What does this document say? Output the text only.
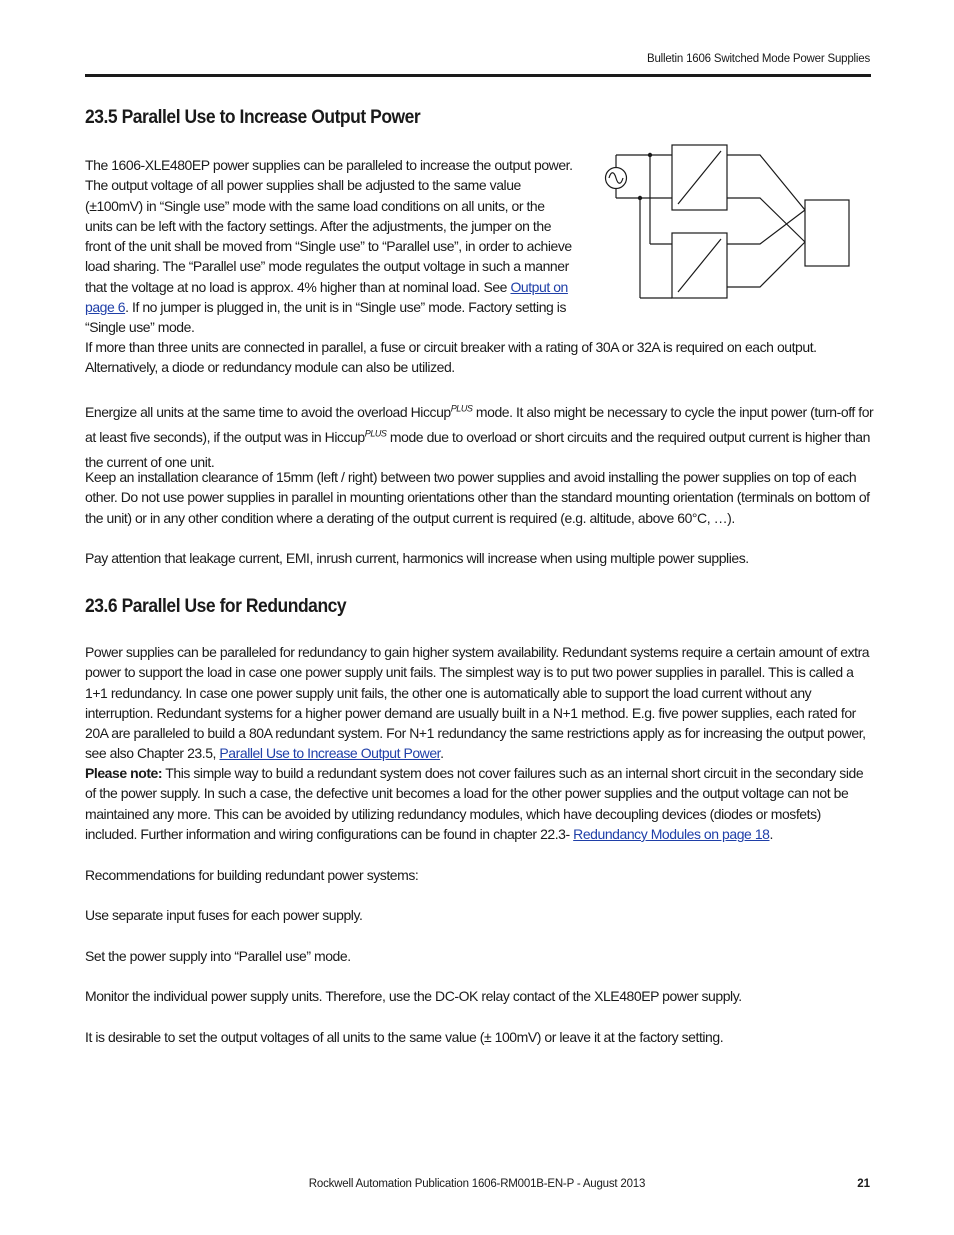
Bulletin 1606 Switched Mode Power Supplies
23.5 Parallel Use to Increase Output Power

The 1606-XLE480EP power supplies can be paralleled to increase the output power. The output voltage of all power supplies shall be adjusted to the same value (±100mV) in “Single use” mode with the same load conditions on all units, or the units can be left with the factory settings. After the adjustments, the jumper on the front of the unit shall be moved from “Single use” to “Parallel use”, in order to achieve load sharing. The “Parallel use” mode regulates the output voltage in such a manner that the voltage at no load is approx. 4% higher than at nominal load. See Output on page 6. If no jumper is plugged in, the unit is in “Single use” mode. Factory setting is “Single use” mode.

If more than three units are connected in parallel, a fuse or circuit breaker with a rating of 30A or 32A is required on each output. Alternatively, a diode or redundancy module can also be utilized.

Energize all units at the same time to avoid the overload Hiccup$^{PLUS}$ mode. It also might be necessary to cycle the input power (turn-off for at least five seconds), if the output was in Hiccup$^{PLUS}$ mode due to overload or short circuits and the required output current is higher than the current of one unit.

Keep an installation clearance of 15mm (left / right) between two power supplies and avoid installing the power supplies on top of each other. Do not use power supplies in parallel in mounting orientations other than the standard mounting orientation (terminals on bottom of the unit) or in any other condition where a derating of the output current is required (e.g. altitude, above 60°C, …).

Pay attention that leakage current, EMI, inrush current, harmonics will increase when using multiple power supplies.

23.6 Parallel Use for Redundancy

Power supplies can be paralleled for redundancy to gain higher system availability. Redundant systems require a certain amount of extra power to support the load in case one power supply unit fails. The simplest way is to put two power supplies in parallel. This is called a 1+1 redundancy. In case one power supply unit fails, the other one is automatically able to support the load current without any interruption. Redundant systems for a higher power demand are usually built in a N+1 method. E.g. five power supplies, each rated for 20A are paralleled to build a 80A redundant system. For N+1 redundancy the same restrictions apply as for increasing the output power, see also Chapter 23.5, Parallel Use to Increase Output Power.

Please note: This simple way to build a redundant system does not cover failures such as an internal short circuit in the secondary side of the power supply. In such a case, the defective unit becomes a load for the other power supplies and the output voltage can not be maintained any more. This can be avoided by utilizing redundancy modules, which have decoupling devices (diodes or mosfets) included. Further information and wiring configurations can be found in chapter 22.3- Redundancy Modules on page 18.

Recommendations for building redundant power systems:

Use separate input fuses for each power supply.

Set the power supply into “Parallel use” mode.

Monitor the individual power supply units. Therefore, use the DC-OK relay contact of the XLE480EP power supply.

It is desirable to set the output voltages of all units to the same value (± 100mV) or leave it at the factory setting.

Rockwell Automation Publication 1606-RM001B-EN-P - August 2013	21
